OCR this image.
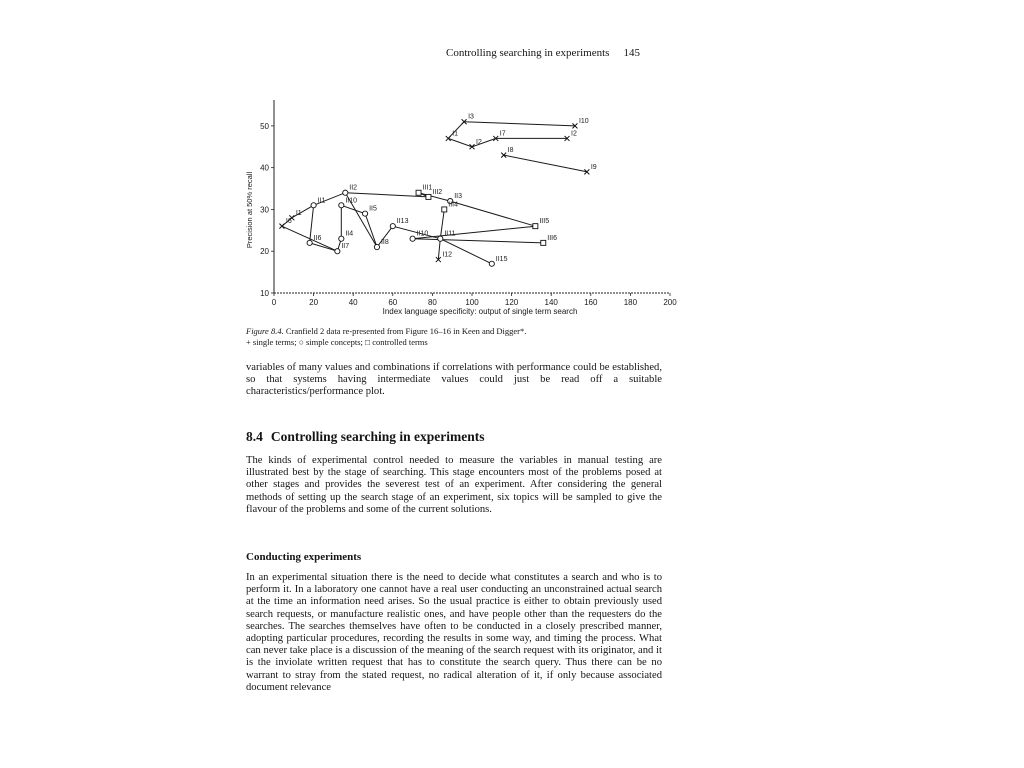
Controlling searching in experiments 145
0	20	40	60	80	100	120	140	160	180	200
10
20
30
40
50
I3
I10
I1	I7	I2
I2
I8
I9
II2	III1
III2
II3
II1	II10
II5
III4
I1
I6	II13	III5
II4	II10 II11
II6	III6
II8
II7
I12
II15
Precision at 50% recall
Index language specificity: output of single term search
Figure 8.4. Cranfield 2 data re-presented from Figure 16–16 in Keen and Digger*.
+ single terms; ○ simple concepts; □ controlled terms

variables of many values and combinations if correlations with performance could be established, so that systems having intermediate values could just be read off a suitable characteristics/performance plot.

8.4 Controlling searching in experiments

The kinds of experimental control needed to measure the variables in manual testing are illustrated best by the stage of searching. This stage encounters most of the problems posed at other stages and provides the severest test of an experiment. After considering the general methods of setting up the search stage of an experiment, six topics will be sampled to give the flavour of the problems and some of the current solutions.

Conducting experiments

In an experimental situation there is the need to decide what constitutes a search and who is to perform it. In a laboratory one cannot have a real user conducting an unconstrained actual search at the time an information need arises. So the usual practice is either to obtain previously used search requests, or manufacture realistic ones, and have people other than the requesters do the searches. The searches themselves have often to be conducted in a closely prescribed manner, adopting particular procedures, recording the results in some way, and timing the process. What can never take place is a discussion of the meaning of the search request with its originator, and it is the inviolate written request that has to constitute the search query. Thus there can be no warrant to stray from the stated request, no radical alteration of it, if only because associated document relevance
